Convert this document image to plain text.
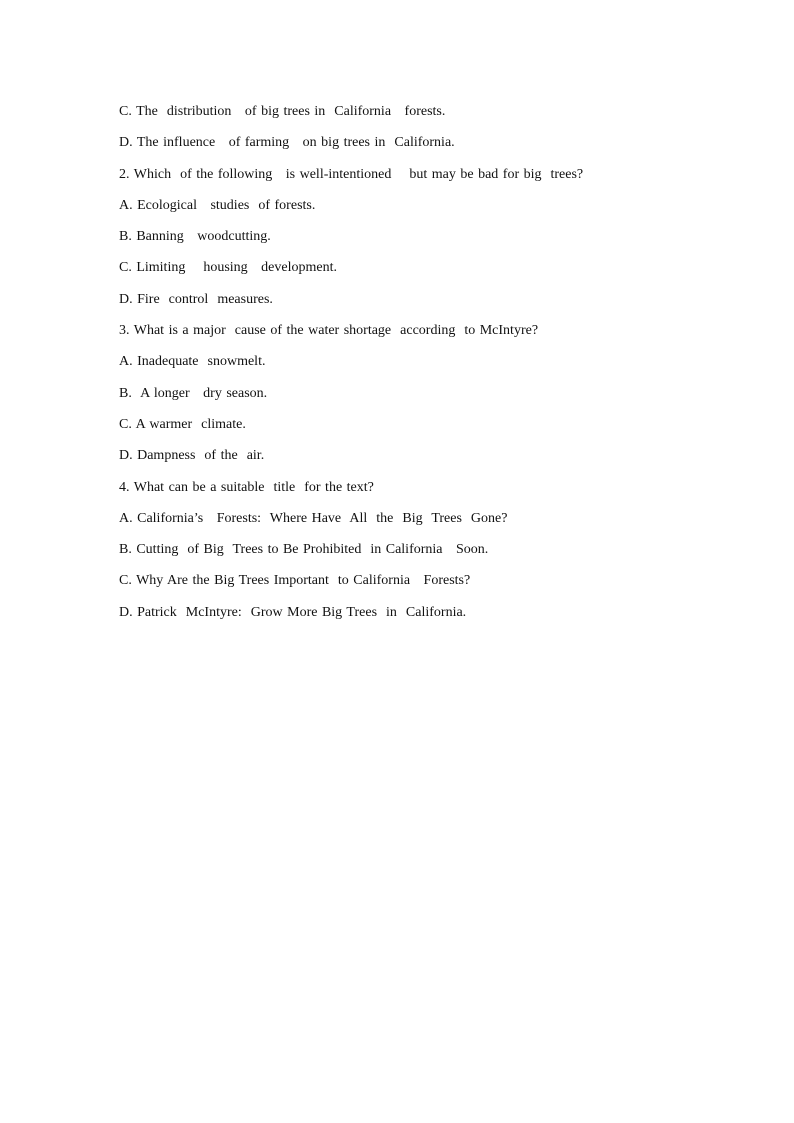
C. The  distribution   of big trees in  California   forests.
D. The influence   of farming   on big trees in  California.
2. Which  of the following   is well-intentioned    but may be bad for big  trees?
A. Ecological   studies  of forests.
B. Banning   woodcutting.
C. Limiting    housing   development.
D. Fire  control  measures.
3. What is a major  cause of the water shortage  according  to McIntyre?
A. Inadequate  snowmelt.
B.  A longer   dry season.
C. A warmer  climate.
D. Dampness  of the  air.
4. What can be a suitable  title  for the text?
A. California’s   Forests:  Where Have  All  the  Big  Trees  Gone?
B. Cutting  of Big  Trees to Be Prohibited  in California   Soon.
C. Why Are the Big Trees Important  to California   Forests?
D. Patrick  McIntyre:  Grow More Big Trees  in  California.
